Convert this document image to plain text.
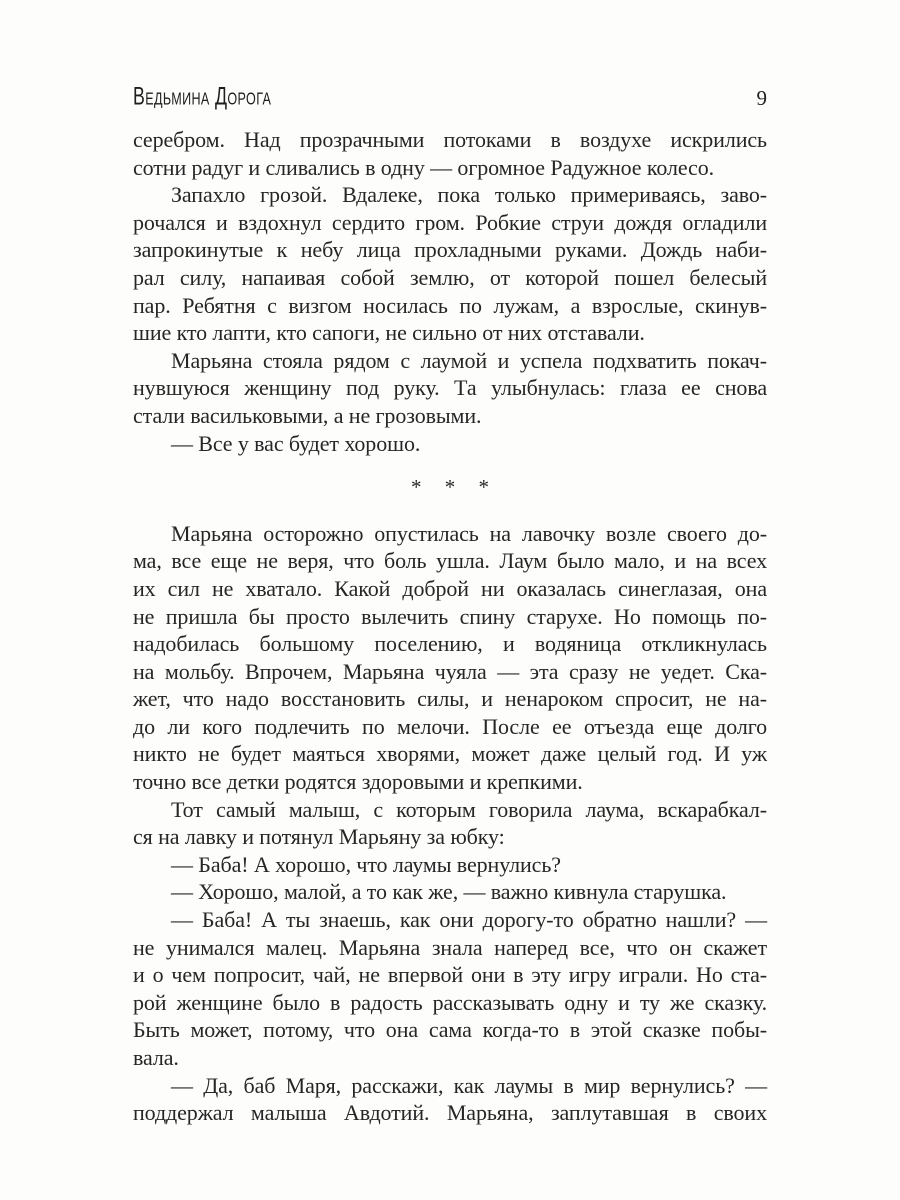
Ведьмина Дорога	9
серебром. Над прозрачными потоками в воздухе искрились
сотни радуг и сливались в одну — огромное Радужное колесо.
Запахло грозой. Вдалеке, пока только примериваясь, заво-
рочался и вздохнул сердито гром. Робкие струи дождя огладили
запрокинутые к небу лица прохладными руками. Дождь наби-
рал силу, напаивая собой землю, от которой пошел белесый
пар. Ребятня с визгом носилась по лужам, а взрослые, скинув-
шие кто лапти, кто сапоги, не сильно от них отставали.
Марьяна стояла рядом с лаумой и успела подхватить покач-
нувшуюся женщину под руку. Та улыбнулась: глаза ее снова
стали васильковыми, а не грозовыми.
— Все у вас будет хорошо.
* * *
Марьяна осторожно опустилась на лавочку возле своего до-
ма, все еще не веря, что боль ушла. Лаум было мало, и на всех
их сил не хватало. Какой доброй ни оказалась синеглазая, она
не пришла бы просто вылечить спину старухе. Но помощь по-
надобилась большому поселению, и водяница откликнулась
на мольбу. Впрочем, Марьяна чуяла — эта сразу не уедет. Ска-
жет, что надо восстановить силы, и ненароком спросит, не на-
до ли кого подлечить по мелочи. После ее отъезда еще долго
никто не будет маяться хворями, может даже целый год. И уж
точно все детки родятся здоровыми и крепкими.
Тот самый малыш, с которым говорила лаума, вскарабкал-
ся на лавку и потянул Марьяну за юбку:
— Баба! А хорошо, что лаумы вернулись?
— Хорошо, малой, а то как же, — важно кивнула старушка.
— Баба! А ты знаешь, как они дорогу-то обратно нашли? —
не унимался малец. Марьяна знала наперед все, что он скажет
и о чем попросит, чай, не впервой они в эту игру играли. Но ста-
рой женщине было в радость рассказывать одну и ту же сказку.
Быть может, потому, что она сама когда-то в этой сказке побы-
вала.
— Да, баб Маря, расскажи, как лаумы в мир вернулись? —
поддержал малыша Авдотий. Марьяна, заплутавшая в своих
